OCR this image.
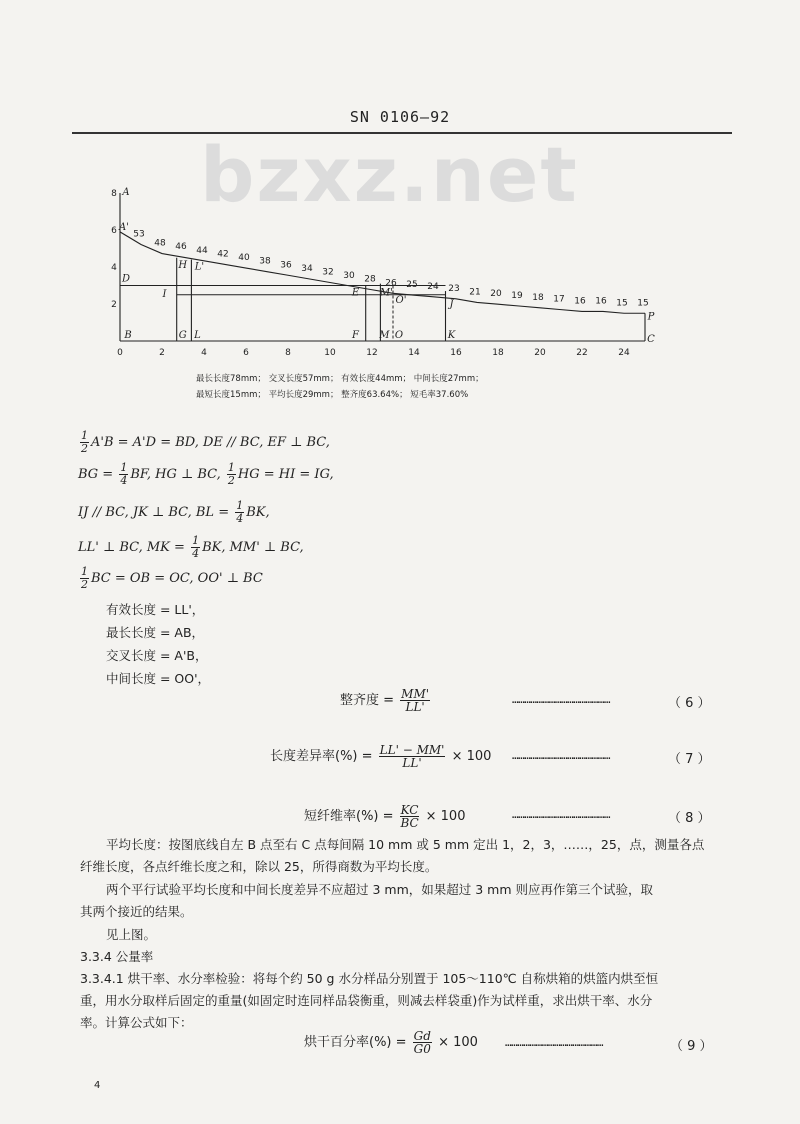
SN 0106—92
bzxz.net
0	2	4	6	8	10	12	14	16	18	20	22	24
2
4
6
8
53
48 46 44 42 40 38 36 34 32 30 28 26 25 24 23 21 20 19 18 17 16 16 15 15
A
A'
B	C
D
E
F
G
H
I
J
K
L
L'
M
M'
O
O'
P
最长长度78mm； 交叉长度57mm； 有效长度44mm； 中间长度27mm；
最短长度15mm； 平均长度29mm； 整齐度63.64%； 短毛率37.60%
$\frac{1}{2} A'B = A'D$ = BD, DE // BC, EF ⊥ BC,
BG = $\frac{1}{4}$ BF, HG ⊥ BC, $\frac{1}{2}$ HG = HI = IG,
IJ // BC, JK ⊥ BC, BL = $\frac{1}{4}$ BK,
LL' ⊥ BC, MK = $\frac{1}{4}$ BK, MM' ⊥ BC,
$\frac{1}{2}$ BC = OB = OC, OO' ⊥ BC
有效长度 = LL'，
最长长度 = AB，
交叉长度 = A'B，
中间长度 = OO'，
整齐度 = $\frac{MM'}{LL'}$	…………………………………………	（ 6 ）
长度差异率(%) = $\frac{LL' - MM'}{LL'} \times 100$ …………………………………………	（ 7 ）
短纤维率(%) = $\frac{KC}{BC} \times 100$	…………………………………………	（ 8 ）
平均长度：按图底线自左 B 点至右 C 点每间隔 10 mm 或 5 mm 定出 1，2，3，……，25，点，测量各点
纤维长度，各点纤维长度之和，除以 25，所得商数为平均长度。
两个平行试验平均长度和中间长度差异不应超过 3 mm，如果超过 3 mm 则应再作第三个试验，取
其两个接近的结果。
见上图。
3.3.4 公量率
3.3.4.1 烘干率、水分率检验：将每个约 50 g 水分样品分别置于 105～110℃ 自称烘箱的烘篮内烘至恒
重，用水分取样后固定的重量(如固定时连同样品袋衡重，则减去样袋重)作为试样重，求出烘干率、水分
率。计算公式如下：
烘干百分率(%) = $\frac{Gd}{G0} \times 100$ …………………………………………	（ 9 ）
4
